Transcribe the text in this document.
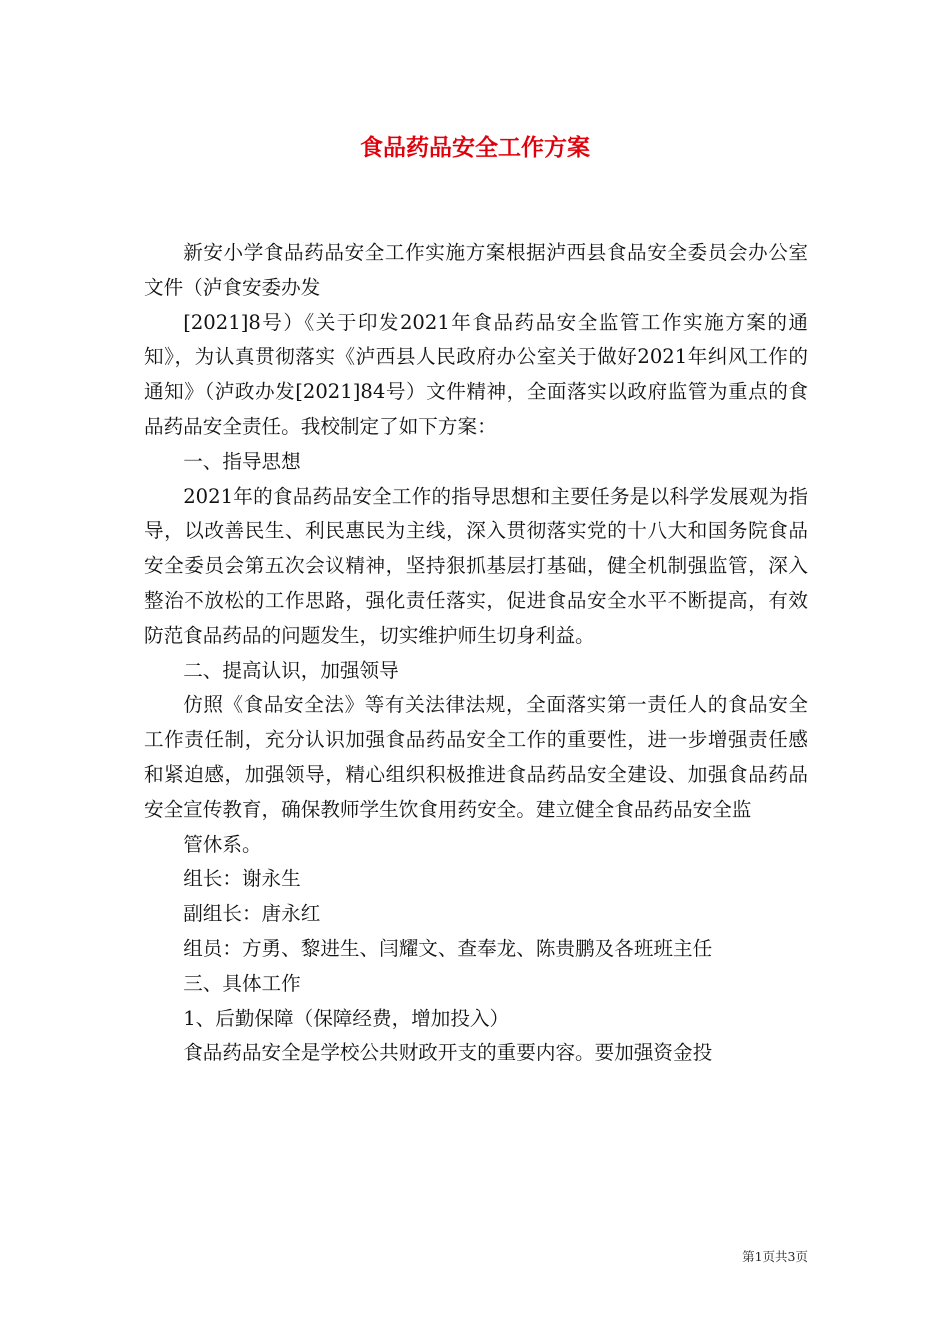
食品药品安全工作方案

新安小学食品药品安全工作实施方案根据泸西县食品安全委员会办公室文件（泸食安委办发

[2021]8号）《关于印发2021年食品药品安全监管工作实施方案的通知》，为认真贯彻落实《泸西县人民政府办公室关于做好2021年纠风工作的通知》（泸政办发[2021]84号）文件精神，全面落实以政府监管为重点的食品药品安全责任。我校制定了如下方案：

一、指导思想

2021年的食品药品安全工作的指导思想和主要任务是以科学发展观为指导，以改善民生、利民惠民为主线，深入贯彻落实党的十八大和国务院食品安全委员会第五次会议精神，坚持狠抓基层打基础，健全机制强监管，深入整治不放松的工作思路，强化责任落实，促进食品安全水平不断提高，有效防范食品药品的问题发生，切实维护师生切身利益。

二、提高认识，加强领导

仿照《食品安全法》等有关法律法规，全面落实第一责任人的食品安全工作责任制，充分认识加强食品药品安全工作的重要性，进一步增强责任感和紧迫感，加强领导，精心组织积极推进食品药品安全建设、加强食品药品安全宣传教育，确保教师学生饮食用药安全。建立健全食品药品安全监

管休系。

组长：谢永生

副组长：唐永红

组员：方勇、黎进生、闫耀文、查奉龙、陈贵鹏及各班班主任

三、具体工作

1、后勤保障（保障经费，增加投入）

食品药品安全是学校公共财政开支的重要内容。要加强资金投

第1页共3页
